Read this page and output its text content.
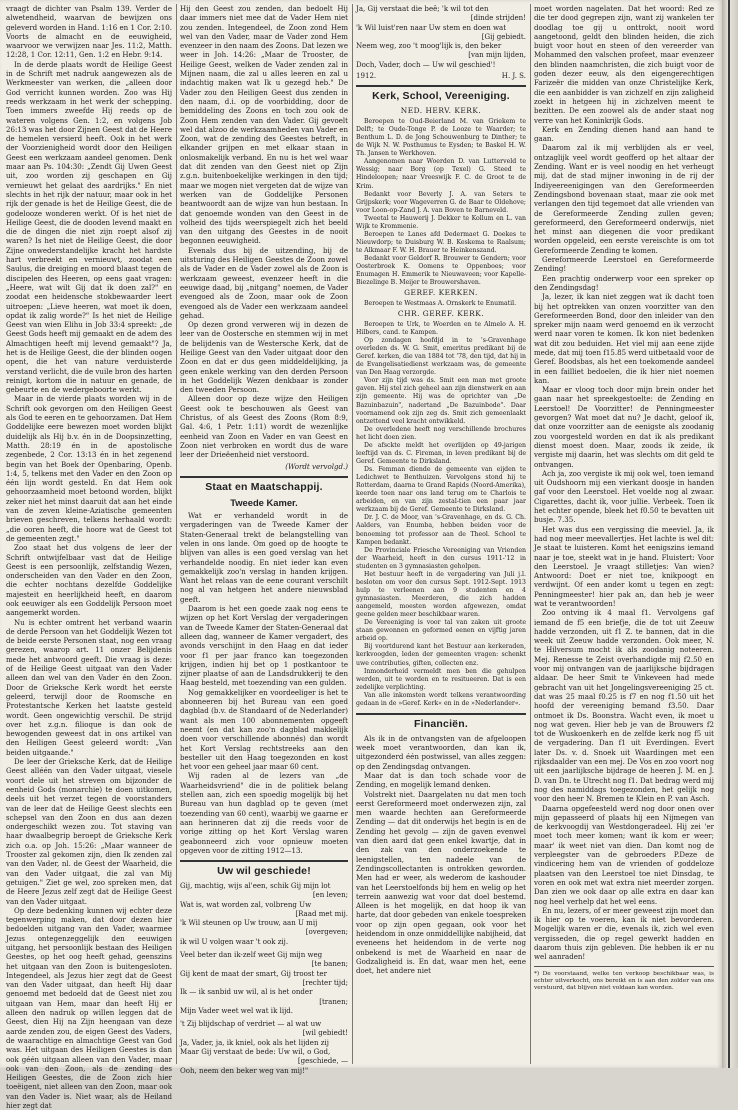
vraagt de dichter van Psalm 139. Verder de alwetendheid, waarvan de bewijzen ons geleverd worden in Hand. 1:16 en 1 Cor. 2:10. Voorts de almacht en de eeuwigheid, waarvoor we verwijzen naar Jes. 11:2, Matth. 12:28, 1 Cor. 12:11, Gen. 1:2 en Hebr. 9:14.

In de derde plaats wordt de Heilige Geest in de Schrift met nadruk aangewezen als de Werkmeester van werken, die „alleen door God verricht kunnen worden. Zoo was Hij reeds werkzaam in het werk der schepping. Toen immers zweefde Hij reeds op de wateren volgens Gen. 1:2, en volgens Job 26:13 was het door Zijnen Geest dat de Heere de hemelen versierd heeft. Ook in het werk der Voorzienigheid wordt door den Heiligen Geest een werkzaam aandeel genomen. Denk maar aan Ps. 104:30: „Zendt Gij Uwen Geest uit, zoo worden zij geschapen en Gij vernieuwt het gelaat des aardrijks." En niet slechts in het rijk der natuur, maar ook in het rijk der genade is het de Heilige Geest, die de godelooze wonderen werkt. Of is het niet de Heilige Geest, die de dooden levend maakt en die de dingen die niet zijn roept alsof zij waren? Is het niet de Heilige Geest, die door Zijne onwederstandelijke kracht het hardste hart verbreekt en vernieuwt, zoodat een Saulus, die dreiging en moord blaast tegen de discipelen des Heeren, op eens gaat vragen: „Heere, wat wilt Gij dat ik doen zal?" en zoodat een heidensche stokbewaarder leert uitroepen: „Lieve heeren, wat moet ik doen, opdat ik zalig worde?" Is het niet de Heilige Geest van wien Elihu in Job 33:4 spreekt: „de Geest Gods heeft mij gemaakt en de adem des Almachtigen heeft mij levend gemaakt"? Ja, het is de Heilige Geest, die der blinden oogen opent, die het van nature verduisterde verstand verlicht, die de vuile bron des harten reinigt, kortom die in natuur en genade, de gebeurte en de wedergeboorte werkt.

Maar in de vierde plaats worden wij in de Schrift ook gevorgen om den Heiligen Geest als God te eeren en te gehoorzamen. Dat Hem Goddelijke eere bewezen moet worden blijkt duidelijk als Hij b.v. én in de Doopsinzetting, Matth. 28:19 én in de apostolische zegenbede, 2 Cor. 13:13 én in het zegenend begin van het Boek der Openbaring, Openb. 1:4, 5, telkens met den Vader en den Zoon op één lijn wordt gesteld. En dat Hem ook gehoorzaamheid moet betoond worden, blijkt zeker niet het minst daaruit dat aan het einde van de zeven kleine-Aziatische gemeenten brieven geschreven, telkens herhaald wordt: „die ooren heeft, die hoore wat de Geest tot de gemeenten zegt."

Zoo staat het dus volgens de leer der Schrift ontwijfelbaar vast dat de Heilige Geest is een persoonlijk, zelfstandig Wezen, onderscheiden van den Vader en den Zoon, die echter nochtans dezelfde Goddelijke majesteit en heerlijkheid heeft, en daarom ook eeuwiger als een Goddelijk Persoon moet aangemerkt worden.

Nu is echter omtrent het verband waarin de derde Persoon van het Goddelijk Wezen tot de beide eerste Personen staat, nog een vraag gerezen, waarop art. 11 onzer Belijdenis mede het antwoord geeft. Die vraag is deze: of de Heilige Geest uitgaat van den Vader alleen dan wel van den Vader én den Zoon. Door de Grieksche Kerk wordt het eerste geleerd, terwijl door de Roomsche en Protestantsche Kerken het laatste gesteld wordt. Geen ongewichtig verschil. De strijd over het z.g.n. filioque is dan ook de bewogenden geweest dat in ons artikel van den Heiligen Geest geleerd wordt: „Van beiden uitgaande."

De leer der Grieksche Kerk, dat de Heilige Geest alléén van den Vader uitgaat, viesele voort dele uit het streven om bijzonder de eenheid Gods (monarchie) te doen uitkomen, deels uit het verzet tegen de voorstanders van de leer dat de Heilige Geest slechts een schepsel van den Zoon en dus aan dezen ondergeschikt wezen zou. Tot staving van haar dwaalbegrip beroept de Grieksche Kerk zich o.a. op Joh. 15:26: „Maar wanneer de Trooster zal gekomen zijn, dien Ik zenden zal van den Vader, nl. de Geest der Waarheid, die van den Vader uitgaat, die zal van Mij getuigen." Ziet ge wel, zoo spreken men, dat de Heere Jezus zelf zegt dat de Heilige Geest van den Vader uitgaat.

Op deze bedenking kunnen wij echter deze tegenwerping maken, dat door dezen hier bedoelden uitgang van den Vader, waarmee Jezus ontegenzeggelijk den eeuwigen uitgang, het persoonlijk bestaan des Heiligen Geestes, op het oog heeft gehad, geenszins het uitgaan van den Zoon is buitengesloten. Integendeel, als Jezus hier zegt dat de Geest van den Vader uitgaat, dan heeft Hij daar genoemd met bedoeld dat de Geest niet zou uitgaan van Hem, maar dan heeft Hij er alleen den nadruk op willen leggen dat de Geest, dien Hij na Zijn heengaan van deze aarde zenden zou, de eigen Geest des Vaders, de waarachtige en almachtige Geest van God was. Het uitgaan des Heiligen Geestes is dan ook géén uitgaan alleen van den Vader, maar ook van den Zoon, als de zending des Heiligen Geestes, die de Zoon zich hier toeëigent, niet alleen van den Zoon, maar ook van den Vader is. Niet waar, als de Heiland hier zegt dat

Hij den Geest zou zenden, dan bedoelt Hij daar immers niet mee dat de Vader Hem niet zou zenden. Integendeel, de Zoon zond Hem wel van den Vader, maar de Vader zond Hem evenzeer in den naam des Zoons. Dat lezen we weer in Joh. 14:26: „Maar de Trooster, de Heilige Geest, welken de Vader zenden zal in Mijnen naam, die zal u alles leeren en zal u indachtig maken wat Ik u gezegd heb." De Vader zou den Heiligen Geest dus zenden in den naam, d.i. op de voorbidding, door de bemiddeling des Zoons en toch zou ook de Zoon Hem zenden van den Vader. Gij gevoelt wel dat alzoo de werkzaamheden van Vader en Zoon, wat de zending des Geestes betreft, in elkander grijpen en met elkaar staan in onlosmakelijk verband. En nu is het wel waar dat dit zenden van den Geest niet op Zijn z.g.n. buitenboekelijke werkingen in den tijd; maar we mogen niet vergeten dat de wijze van werken van de Goddelijke Personen beantwoordt aan de wijze van hun bestaan. In dat genoemde wonden van den Geest in de volheid des tijds weerspiegelt zich het beeld van den uitgang des Geestes in de nooit begonnen eeuwigheid.

Evenals dus bij de uitzending, bij de uitsturing des Heiligen Geestes de Zoon zowel als de Vader en de Vader zowel als de Zoon is werkzaam geweest, evenzeer heeft in die eeuwige daad, bij „nitgang" noemen, de Vader evengoed als de Zoon, maar ook de Zoon evengoed als de Vader een werkzaam aandeel gehad.

Op dezen grond verweren wij in dezen de leer van de Oostersche en stemmen wij in met de belijdenis van de Westersche Kerk, dat de Heilige Geest van den Vader uitgaat door den Zoon en dat er dus geen middeldelijking, ja geen enkele werking van den derden Persoon in het Goddelijk Wezen denkbaar is zonder den tweeden Persoon.

Alleen door op deze wijze den Heiligen Geest ook te beschouwen als Geest van Christus, of als Geest des Zoons (Rom 8:9, Gal. 4:6, 1 Petr. 1:11) wordt de wezenlijke eenheid van Zoon en Vader en van Geest en Zoon niet verbroken en wordt dus de ware leer der Drieëenheid niet verstoord.

(Wordt vervolgd.)
Staat en Maatschappij.
Tweede Kamer.

Wat er verhandeld wordt in de vergaderingen van de Tweede Kamer der Staten-Generaal trekt de belangstelling van velen in ons lande. Om goed op de hoogte te blijven van alles is een goed verslag van het verhandelde noodig. En niet ieder kan even gemakkelijk zoo'n verslag in handen krijgen. Want het relaas van de eene courant verschilt nog al van hetgeen het andere nieuwsblad geeft.

Daarom is het een goede zaak nog eens te wijzen op het Kort Verslag der vergaderingen van de Tweede Kamer der Staten-Generaal dat alleen dag, wanneer de Kamer vergadert, des avonds verschijnt in den Haag en dat ieder voor f1 per jaar franco kan toegezonden krijgen, indien hij bet op 1 postkantoor te zijner plaatse of aan de Landsdrukkerij te den Haag besteld, met toezending van een gulden.

Nog gemakkelijker en voordeeliger is het te abonneeren bij het Bureau van een goed dagblad (b.v. de Standaard of de Nederlander) want als men 100 abonnementen opgeeft neemt (en dat kan zoo'n dagblad makkelijk doen voor verschillende abonnés) dan wordt het Kort Verslag rechtstreeks aan den besteller uit den Haag toegezonden en kost het voor een geheel jaar maar 60 cent.

Wij raden al de lezers van „de Waarheidsvriend" die in de politiek belang stellen aan, zich een spoedig mogelijk bij het Bureau van hun dagblad op te geven (met toezending van 60 cent), waarbij we gaarne er aan herinneren dat zij die reeds voor de vorige zitting op het Kort Verslag waren geabonneerd zich voor opnieuw moeten opgeven voor de zitting 1912—13.

Uw wil geschiede!
Gij, machtig, wijs al'een, schik Gij mijn lot
[en leven;
Wat is, wat worden zal, volbreng Uw
[Raad met mij.
'k Wil steunen op Uw trouw, aan U mij
[overgeven;
ik wil U volgen waar 't ook zij.
Veel beter dan ik-zelf weet Gij mijn weg
[te banen;
Gij kent de maat der smart, Gij troost ter
[rechter tijd;
Ik — ik sanbid uw wil, al is het onder
[tranen;
Mijn Vader weet wel wat ik lijd.
't Zij blijdschap of verdriet — al wat uw
[wil gebiedt!
Ja, Vader, ja, ik kniel, ook als het lijden zij
Maar Gij verstaat de bede: Uw wil, o God,
[geschiede, —
Ooh, neem den beker weg van mij!"
Ja, Gij verstaat die beê; 'k wil tot den
[dinde strijden!
'k Wil luist'ren naar Uw stem en doen wat
[Gij gebiedt.
Neem weg, zoo 't moog'lijk is, den beker
[van mijn lijden,
Doch, Vader, doch — Uw wil geschied'!
1912.	H. J. S.
Kerk, School, Vereeniging.
NED. HERV. KERK.

Beroepen te Oud-Beierland M. van Griekem te Delft; te Oude-Tonge P. de Looze te Waarder; te Benthum L. D. de Jong Schouwenburg te Dinther; te de Wijk N. W. Posthumus te Eysden; te Baskel H. W. Th. Jansen te Werkhoven.

Aangenomen naar Woerden D. van Lutterveld te Wessig; naar Borg (op Texel) G. Steed te Hindeloopen; naar Vreeswijk F. C. de Groot te de Krim.

Bedankt voor Beverly J. A. van Seters te Grijpskerk; voor Wageverren G. de Baar te Oldehove; voor Loon-op-Zand J. A. van Boven te Barneveld.

Tweetal te Hauwerij J. Dekker te Kollum en L. van Wijk te Krommenie.

Beroepen te Lanes afd Dedermaet G. Doekes te Nieuwdorp; te Duisburg W. B. Keskema te Raalsum; te Alkmaar F. W. H. Brauer te Heinkenszand.

Bedankt voor Geldorf R. Brouwer te Gendern; voor Oosterbroek K. Oomens te Oppenboes; voor Enumagen H. Emmerik te Nieuwaveen; voor Kapelle-Biezelinge B. Meijer te Brouwershaven.

GEREF. KERKEN.

Beroepen te Westmaas A. Ornskerk te Enumatil.

CHR. GEREF. KERK.

Beroepen te Urk, te Woerden en te Almelo A. H. Hilbers, cand. te Kampen.

Op zondagen hoofdjd in te 's-Gravenhage overleden ds. W. G. Smit, emeritus predikant bij de Geref. kerken, die van 1884 tot '78, den tijd, dat hij in de Evangelisatiedienst werkzaam was, de gemeente van Den Haag verzorgde.

Voor zijn tijd was ds. Smit een man met groote gaven. Hij stel zich geheel aan zijn dienstwerk en aan zijn gemeente. Hij was de oprichter van „De Bazuinbazuin", nadertand „De Bazuinbode". Daar voornamend ook zijn zeg ds. Smit zich gemeenlaakt ontzettend veel kracht ontwikkeld.

De overledene heeft nog verschillende brochures het licht doen zien.

De afsckte meldt het overlijden op 49-jarigen leeftijd van ds. C. Fireman, in leven predikant bij de Geref. Gemeente te Dirksland.

Ds. Femman diende de gemeente van eijden te Ledichwet te Benthuizen. Vervolgens stond hij te Rotterdam, daarna te Grand Rapids (Noord-Amerika), keerde toen naar ons land terug om te Charlois te arbeiden, en van zijn zestal-tien een paar jaar werkzaam bij de Geref. Gemeente te Dirksland.

Dr. J. C. de Moor, van 's-Gravenhage, en ds. G. Ch. Aalders, van Enumba, hebben beiden voor de benoeming tot professor aan de Theol. School te Kampen bedankt.

De Provinciale Friesche Vereeniging van Vrienden der Waarheid, heeft in den cursus 1911-'12 in studenten en 3 gymnasiasten geholpen.

Het bestuur heeft in de vergadering van Juli j.l. besloten om voor den cursus Sept. 1912-Sept. 1913 hulp te verleenen aan 9 studenten en 4 gymnasiasten. Meerderen, die zich hadden aangemeld, moesten worden afgewezen, omdat geene gelden meer beschikbaar waren.

De Vereeniging is voor tal van zaken uit groote staan gewonnen en geformed eenen en vijftig jaren arbeid op.

Bij voortdurend kant het Bestuur aan kerkeraden, kerkvoogden, leden der gemeenten vragen: schenkt uwe contributies, giften, collecten enz.

Inmonderheid vermeldt men ben die gehulpen werden, uit te worden en te resitueeren. Dat is een zedelijke verplichting.

Van alle inkomsten wordt telkens verantwoording gedaan in de »Geref. Kerk« en in de »Nederlander«.

Financiën.

Als ik in de ontvangsten van de afgeloopen week moet verantwoorden, dan kan ik, uitgezonderd één postwissel, van alles zeggen: op den Zendingsdag ontvangen.

Maar dat is dan toch schade voor de Zending, en mogelijk lemand denken.

Volstrekt niet. Daargelaten nu dat men toch eerst Gereformeerd moet onderwezen zijn, zal men waarde hechten aan Gereformeerde Zending — dat dit onderwijs het begin is en de Zending het gevolg — zijn de gaven evenwel van dien aard dat geen enkel kwartje, dat in den zak van den onderzoekende te leenigstellen, ten nadeele van de Zendingscollectanten is ontrokken geworden. Men had er weer, als wederom de kashouder van het Leerstoelfonds bij hem en welig op het terrein aanwezig wat voor dat doel bestemd. Alleen is het mogelijk, en dat hoop ik van harte, dat door gebeden van enkele toespreken voor op zijn open gegaan, ook voor het heidendom in onze onmiddellijke nabijheid, dat eveneens het heidendom in de verte nog onbekend is met de Waarheid en naar de Godzaligheid is. En dat, waar men het, eene doet, het andere niet

moet worden nagelaten. Dat het woord: Red ze die ter dood gegrepen zijn, want zij wankelen ter doodlag toe gij u onttrokt, nooit word aangetoond, geldt den blinden heiden, die zich buigt voor hout en steen of den vereerder van Mohammed den valschen profeet, maar evenzeer den blinden naamchristen, die zich buigt voor de goden dezer eeuw, als den eigengerechtigen Farizeër die midden van onze Christelijke Kerk, die een aanbidder is van zichzelf en zijn zaligheid zoekt in hetgeen hij in zichzelven meent te bezitten. De een zoowel als de ander staat nog verre van het Koninkrijk Gods.

Kerk en Zending dienen hand aan hand te gaan.

Daarom zal ik mij verblijden als er veel, ontzaglijk veel wordt geofferd op het altaar der Zending. Want er is veel noodig en het verheugt mij, dat de stad mijner inwoning in de rij der Indiyeereenigingen van den Gereformeerden Zendingsbond bovenaan staat, maar zie ook met verlangen den tijd tegemoet dat alle vrienden van de Gereformeerde Zending zullen geven; gereformeerd, den Gereformeerd onderwijs, niet het minst aan diegenen die voor predikant worden opgeleid, een eerste vereischte is om tot Gereformeerde Zending te komen.

Gereformeerde Leerstoel en Gereformeerde Zending!

Een prachtig onderwerp voor een spreker op den Zendingsdag!

Ja, lezer, ik kan niet zeggen wat ik dacht toen bij het optrekken van onzen voorzitter van den Gereformeerden Bond, door den inleider van den spreker mijn naam werd genoemd en ik verzocht werd naar voren te komen. Ik kon niet bedenken wat dit zou beduiden. Het viel mij aan eene zijde mede, dat mij toen f15.85 werd uitbetaald voor de Geref. Boodsbas, als het een toekomende aandeel in een failliet bedoelen, die ik hier niet noemen kan.

Maar er vloog toch door mijn brein onder het gaan naar het spreekgestoelte: de Zending en Leerstoel! De Voorzitter! de Penningmeester gevorgen? Wat moet dat nu? Je dacht, geloof ik, dat onze voorzitter aan de eenigste als zoodanig zou voorgesteld worden en dat ik als predikant dienst moest doen. Maar, zoods ik zeide, ik vergiste mij daarin, het was slechts om dit geld te ontvangen.

Ach ja, zoo vergiste ik mij ook wel, toen iemand uit Oudshoorn mij een vierkant doosje in handen gaf voor den Leerstoel. Het voelde nog al zwaar. Cigarettes, dacht ik, voor jullie. Verbeek. Toen ik het echter opende, bleek het f0.50 te bevatten uit busje. 7.35.

Het was dus een vergissing die meeviel. Ja, ik had nog meer meevallertjes. Het lachte is wel dit: Je staat te luisteren. Komt het eenigszins iemand naar je toe, steekt wat in je hand. Fluistert: Voor den Leerstoel. Je vraagt stilletjes: Van wien? Antwoord: Doet er niet toe, knikpoogt en verdwijnt. Of een ander komt u tegen en zegt: Penningmeester! hier pak an, dan heb je weer wat te verantwoorden!

Zoo ontving ik 4 maal f1. Vervolgens gaf iemand de f5 een briefje, die de tot uit Zeeuw hadde verzonden, uit f1 Z. te bannen, dat in die week uit Zeeuw hadde verzonden. Ook meer, N. te Hilversum mocht ik als zoodanig noteeren. Mej. Renesse te Zeist overhandigde mij f2.50 en voor mij ontvangen van de jaarlijksche bijdragen aldaar. De heer Smit te Vinkeveen had mede gebracht van uit het Jongelingsvereeniging 25 ct. dat was 25 maal f0.25 is f7 en nog f1.50 uit het hoofd der vereeniging bemand f3.50. Daar ontmoet ik Ds. Boonstra. Wacht even, ik moet u nog wat geven. Hier heb je van de Brouwers f2 tot de Wuskoenkerh en de zelfde kerk nog f5 uit de vergadering. Dan f1 uit Everdingen. Evert later Ds. v. d. Snoek uit Waardingen met een rijksdaalder van een mej. De Vos en zoo voort nog uit een jaarlijksche bijdrage de heeren J. M. en J. D. van Dn. te Utrecht nog f1. Dat bedrag werd mij nog des namiddags toegezonden, het gelijk nog voor den heer N. Bremen te Klein en P. van Asch.

Daarna opgefeesteld werd nog door onen over mijn gepasseerd of plaats hij een Nijmegen van de kerkvoogdij van Westdongeradeel. Hij zei 'er moet toch meer komen; want ik kom er weer; maar' ik weet niet van dien. Dan komt nog de verpleegster van de gebroeders P.Deze de vindicering hem van de vrienden of goddeloze plaatsen van den Leerstoel toe niet Dinsdag, te voren en ook met wat extra niet meerder zorgen. Dan zien we ook daar op alle extra en daar kan nog heel verhelp dat het wel eens.

En nu, lezers, of er meer geweest zijn moet dan ik hier op te voeren, kan ik niet bevorderen. Mogelijk waren er die, evenals ik, zich wel even vergisseden, die op regel gewerkt hadden en daarom thuis zijn gebleven. Die hebben ik er nu wel aanraden!

*) De voorstaand, welke ten verkoop beschikbaar was, is echter uitverkocht, ons bereikt en is aan den zolder van ons verstuurd, dat blijven niet voldaan kan worden.
